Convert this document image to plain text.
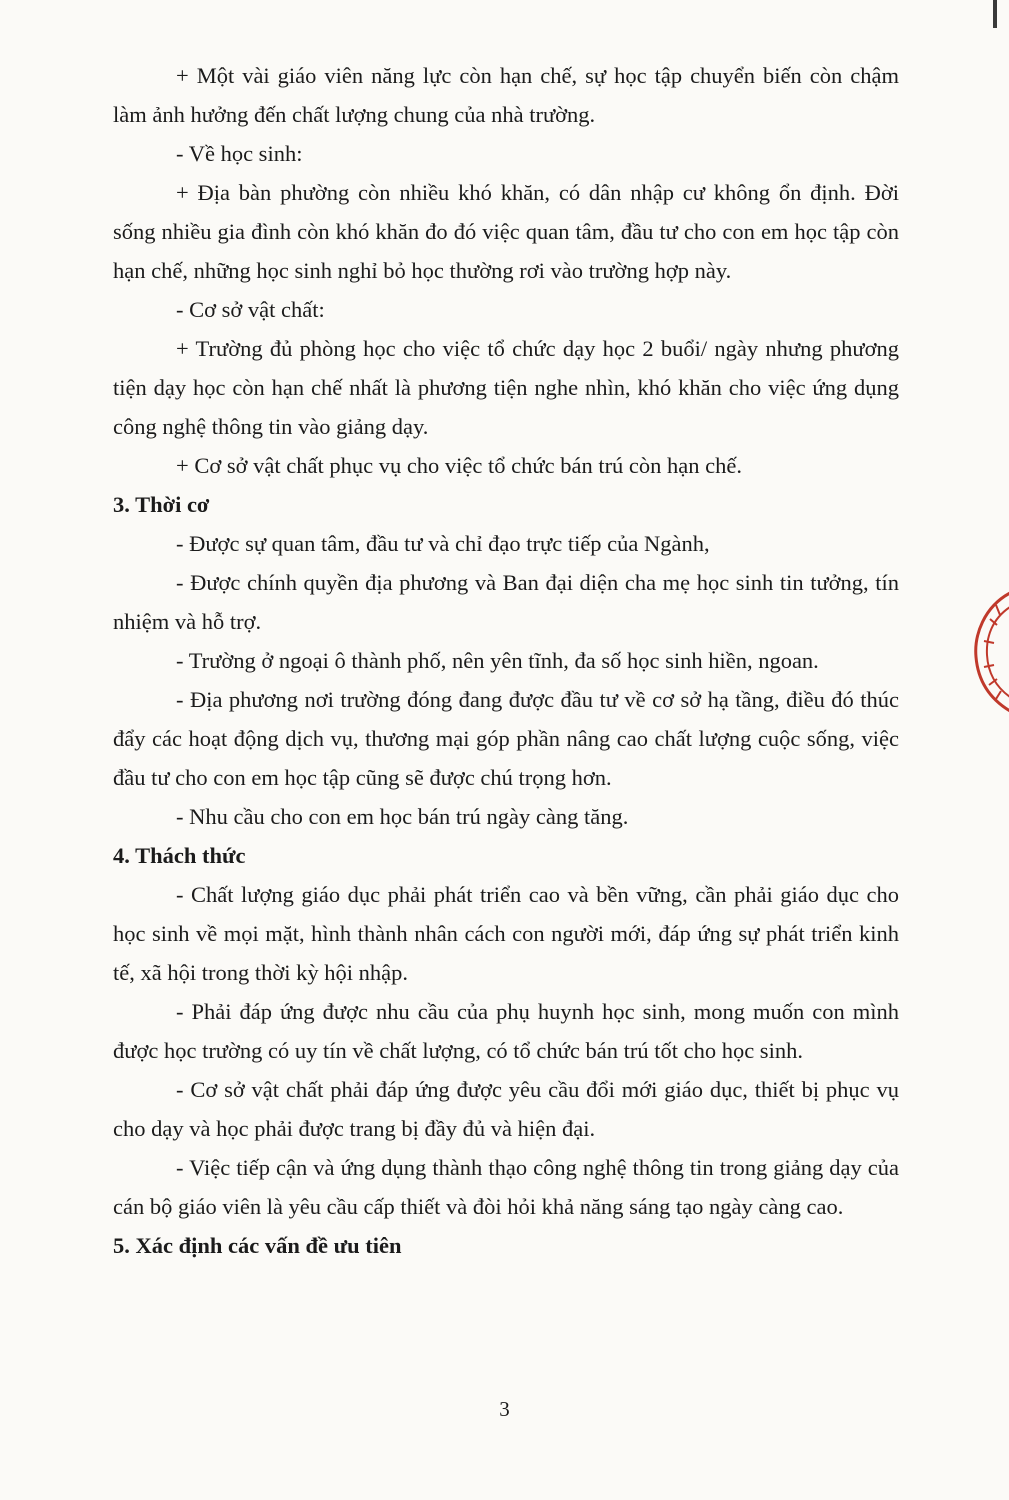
+ Một vài giáo viên năng lực còn hạn chế, sự học tập chuyển biến còn chậm làm ảnh hưởng đến chất lượng chung của nhà trường.

- Về học sinh:

+ Địa bàn phường còn nhiều khó khăn, có dân nhập cư không ổn định. Đời sống nhiều gia đình còn khó khăn đo đó việc quan tâm, đầu tư cho con em học tập còn hạn chế, những học sinh nghỉ bỏ học thường rơi vào trường hợp này.

- Cơ sở vật chất:

+ Trường đủ phòng học cho việc tổ chức dạy học 2 buổi/ ngày nhưng phương tiện dạy học còn hạn chế nhất là phương tiện nghe nhìn, khó khăn cho việc ứng dụng công nghệ thông tin vào giảng dạy.

+ Cơ sở vật chất phục vụ cho việc tổ chức bán trú còn hạn chế.

3. Thời cơ

- Được sự quan tâm, đầu tư và chỉ đạo trực tiếp của Ngành,

- Được chính quyền địa phương và Ban đại diện cha mẹ học sinh tin tưởng, tín nhiệm và hỗ trợ.

- Trường ở ngoại ô thành phố, nên yên tĩnh, đa số học sinh hiền, ngoan.

- Địa phương nơi trường đóng đang được đầu tư về cơ sở hạ tầng, điều đó thúc đẩy các hoạt động dịch vụ, thương mại góp phần nâng cao chất lượng cuộc sống, việc đầu tư cho con em học tập cũng sẽ được chú trọng hơn.

- Nhu cầu cho con em học bán trú ngày càng tăng.

4. Thách thức

- Chất lượng giáo dục phải phát triển cao và bền vững, cần phải giáo dục cho học sinh về mọi mặt, hình thành nhân cách con người mới, đáp ứng sự phát triển kinh tế, xã hội trong thời kỳ hội nhập.

- Phải đáp ứng được nhu cầu của phụ huynh học sinh, mong muốn con mình được học trường có uy tín về chất lượng, có tổ chức bán trú tốt cho học sinh.

- Cơ sở vật chất phải đáp ứng được yêu cầu đổi mới giáo dục, thiết bị phục vụ cho dạy và học phải được trang bị đầy đủ và hiện đại.

- Việc tiếp cận và ứng dụng thành thạo công nghệ thông tin trong giảng dạy của cán bộ giáo viên là yêu cầu cấp thiết và đòi hỏi khả năng sáng tạo ngày càng cao.

5. Xác định các vấn đề ưu tiên

3
